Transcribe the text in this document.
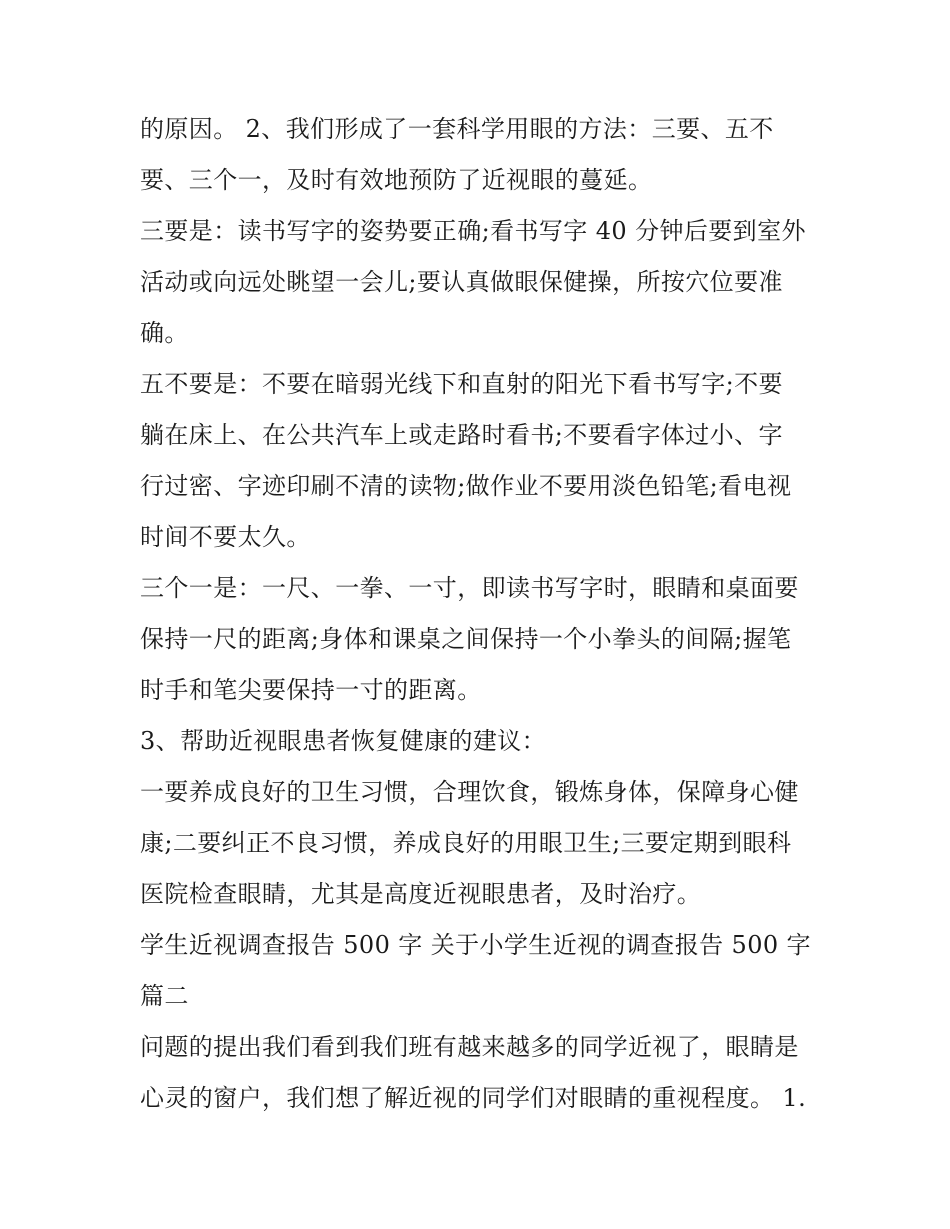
的原因。 2、我们形成了一套科学用眼的方法：三要、五不
要、三个一，及时有效地预防了近视眼的蔓延。
三要是：读书写字的姿势要正确;看书写字 40 分钟后要到室外
活动或向远处眺望一会儿;要认真做眼保健操，所按穴位要准
确。
五不要是：不要在暗弱光线下和直射的阳光下看书写字;不要
躺在床上、在公共汽车上或走路时看书;不要看字体过小、字
行过密、字迹印刷不清的读物;做作业不要用淡色铅笔;看电视
时间不要太久。
三个一是：一尺、一拳、一寸，即读书写字时，眼睛和桌面要
保持一尺的距离;身体和课桌之间保持一个小拳头的间隔;握笔
时手和笔尖要保持一寸的距离。
3、帮助近视眼患者恢复健康的建议：
一要养成良好的卫生习惯，合理饮食，锻炼身体，保障身心健
康;二要纠正不良习惯，养成良好的用眼卫生;三要定期到眼科
医院检查眼睛，尤其是高度近视眼患者，及时治疗。
学生近视调查报告 500 字 关于小学生近视的调查报告 500 字
篇二
问题的提出我们看到我们班有越来越多的同学近视了，眼睛是
心灵的窗户，我们想了解近视的同学们对眼睛的重视程度。 1.
